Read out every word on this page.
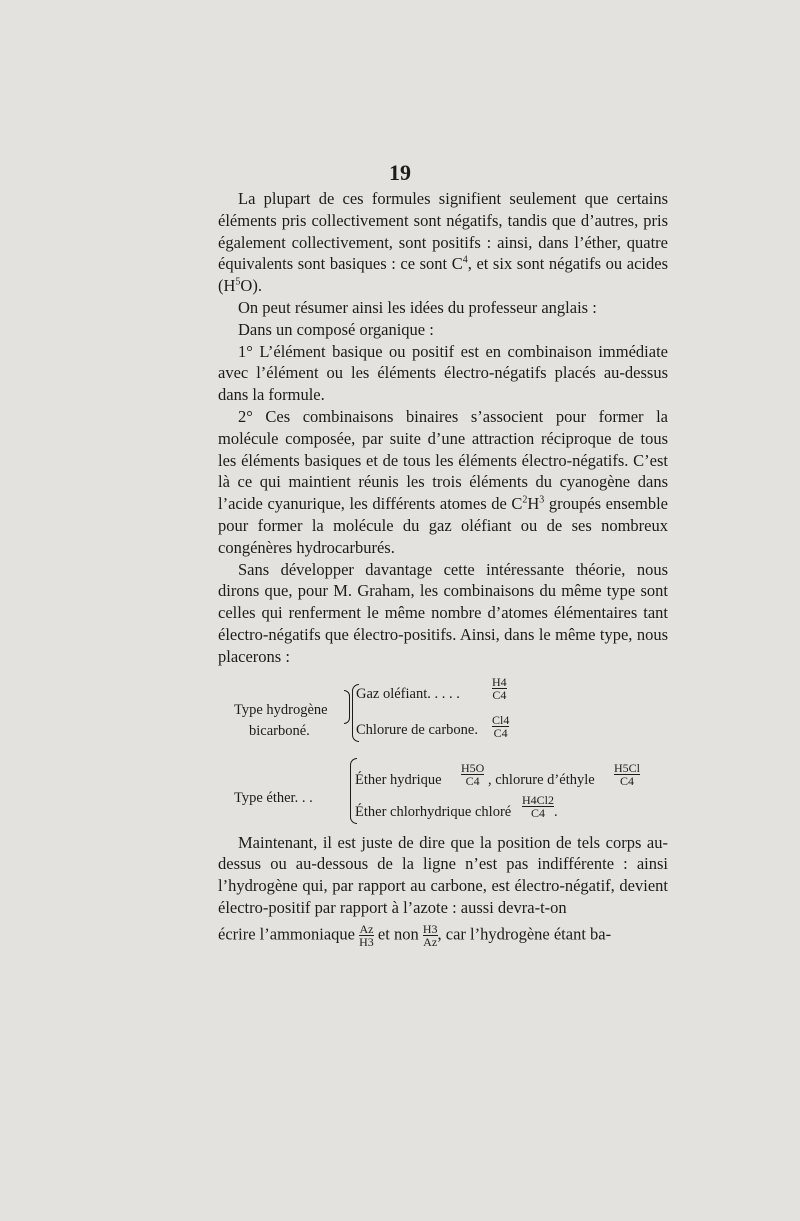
19

La plupart de ces formules signifient seulement que certains éléments pris collectivement sont négatifs, tandis que d’autres, pris également collectivement, sont positifs : ainsi, dans l’éther, quatre équivalents sont basiques : ce sont $C^4$, et six sont négatifs ou acides $(H^5O)$.

On peut résumer ainsi les idées du professeur anglais :

Dans un composé organique :

1° L’élément basique ou positif est en combinaison immédiate avec l’élément ou les éléments électro-négatifs placés au-dessus dans la formule.

2° Ces combinaisons binaires s’associent pour former la molécule composée, par suite d’une attraction réciproque de tous les éléments basiques et de tous les éléments électro-négatifs. C’est là ce qui maintient réunis les trois éléments du cyanogène dans l’acide cyanurique, les différents atomes de $C^2H^3$ groupés ensemble pour former la molécule du gaz oléfiant ou de ses nombreux congénères hydrocarburés.

Sans développer davantage cette intéressante théorie, nous dirons que, pour M. Graham, les combinaisons du même type sont celles qui renferment le même nombre d’atomes élémentaires tant électro-négatifs que électro-positifs. Ainsi, dans le même type, nous placerons :

Type hydrogène
bicarboné.
Gaz oléfiant. . . . .	$\frac{H4}{C4}$
Chlorure de carbone. $\frac{Cl4}{C4}$
Type éther. . .
Éther hydrique $\frac{H5O}{C4}$ , chlorure d’éthyle $\frac{H5Cl}{C4}$
Éther chlorhydrique chloré $\frac{H4Cl2}{C4}$ .

Maintenant, il est juste de dire que la position de tels corps au-dessus ou au-dessous de la ligne n’est pas indifférente : ainsi l’hydrogène qui, par rapport au carbone, est électro-négatif, devient électro-positif par rapport à l’azote : aussi devra-t-on

écrire l’ammoniaque $\frac{Az}{H3}$ et non $\frac{H3}{Az}$ , car l’hydrogène étant ba-
